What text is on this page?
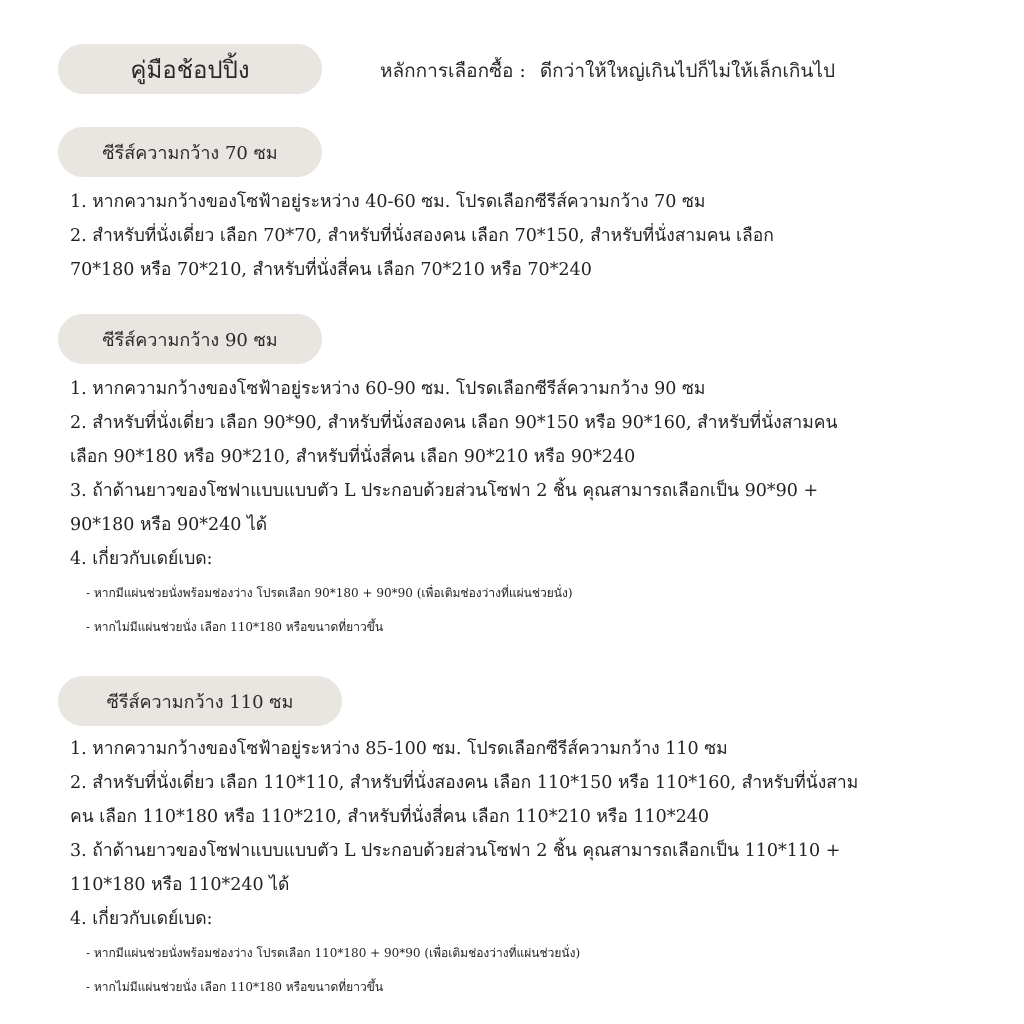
คู่มือช้อปปิ้ง	หลักการเลือกซื้อ : ดีกว่าให้ใหญ่เกินไปก็ไม่ให้เล็กเกินไป
ซีรีส์ความกว้าง 70 ซม
1. หากความกว้างของโซฟ้าอยู่ระหว่าง 40-60 ซม. โปรดเลือกซีรีส์ความกว้าง 70 ซม
2. สำหรับที่นั่งเดี่ยว เลือก 70*70, สำหรับที่นั่งสองคน เลือก 70*150, สำหรับที่นั่งสามคน เลือก
70*180 หรือ 70*210, สำหรับที่นั่งสี่คน เลือก 70*210 หรือ 70*240
ซีรีส์ความกว้าง 90 ซม
1. หากความกว้างของโซฟ้าอยู่ระหว่าง 60-90 ซม. โปรดเลือกซีรีส์ความกว้าง 90 ซม
2. สำหรับที่นั่งเดี่ยว เลือก 90*90, สำหรับที่นั่งสองคน เลือก 90*150 หรือ 90*160, สำหรับที่นั่งสามคน
เลือก 90*180 หรือ 90*210, สำหรับที่นั่งสี่คน เลือก 90*210 หรือ 90*240
3. ถ้าด้านยาวของโซฟาแบบแบบตัว L ประกอบด้วยส่วนโซฟา 2 ชิ้น คุณสามารถเลือกเป็น 90*90 +
90*180 หรือ 90*240 ได้
4. เกี่ยวกับเดย์เบด:
- หากมีแผ่นช่วยนั่งพร้อมช่องว่าง โปรดเลือก 90*180 + 90*90 (เพื่อเติมช่องว่างที่แผ่นช่วยนั่ง)
- หากไม่มีแผ่นช่วยนั่ง เลือก 110*180 หรือขนาดที่ยาวขึ้น
ซีรีส์ความกว้าง 110 ซม
1. หากความกว้างของโซฟ้าอยู่ระหว่าง 85-100 ซม. โปรดเลือกซีรีส์ความกว้าง 110 ซม
2. สำหรับที่นั่งเดี่ยว เลือก 110*110, สำหรับที่นั่งสองคน เลือก 110*150 หรือ 110*160, สำหรับที่นั่งสาม
คน เลือก 110*180 หรือ 110*210, สำหรับที่นั่งสี่คน เลือก 110*210 หรือ 110*240
3. ถ้าด้านยาวของโซฟาแบบแบบตัว L ประกอบด้วยส่วนโซฟา 2 ชิ้น คุณสามารถเลือกเป็น 110*110 +
110*180 หรือ 110*240 ได้
4. เกี่ยวกับเดย์เบด:
- หากมีแผ่นช่วยนั่งพร้อมช่องว่าง โปรดเลือก 110*180 + 90*90 (เพื่อเติมช่องว่างที่แผ่นช่วยนั่ง)
- หากไม่มีแผ่นช่วยนั่ง เลือก 110*180 หรือขนาดที่ยาวขึ้น
